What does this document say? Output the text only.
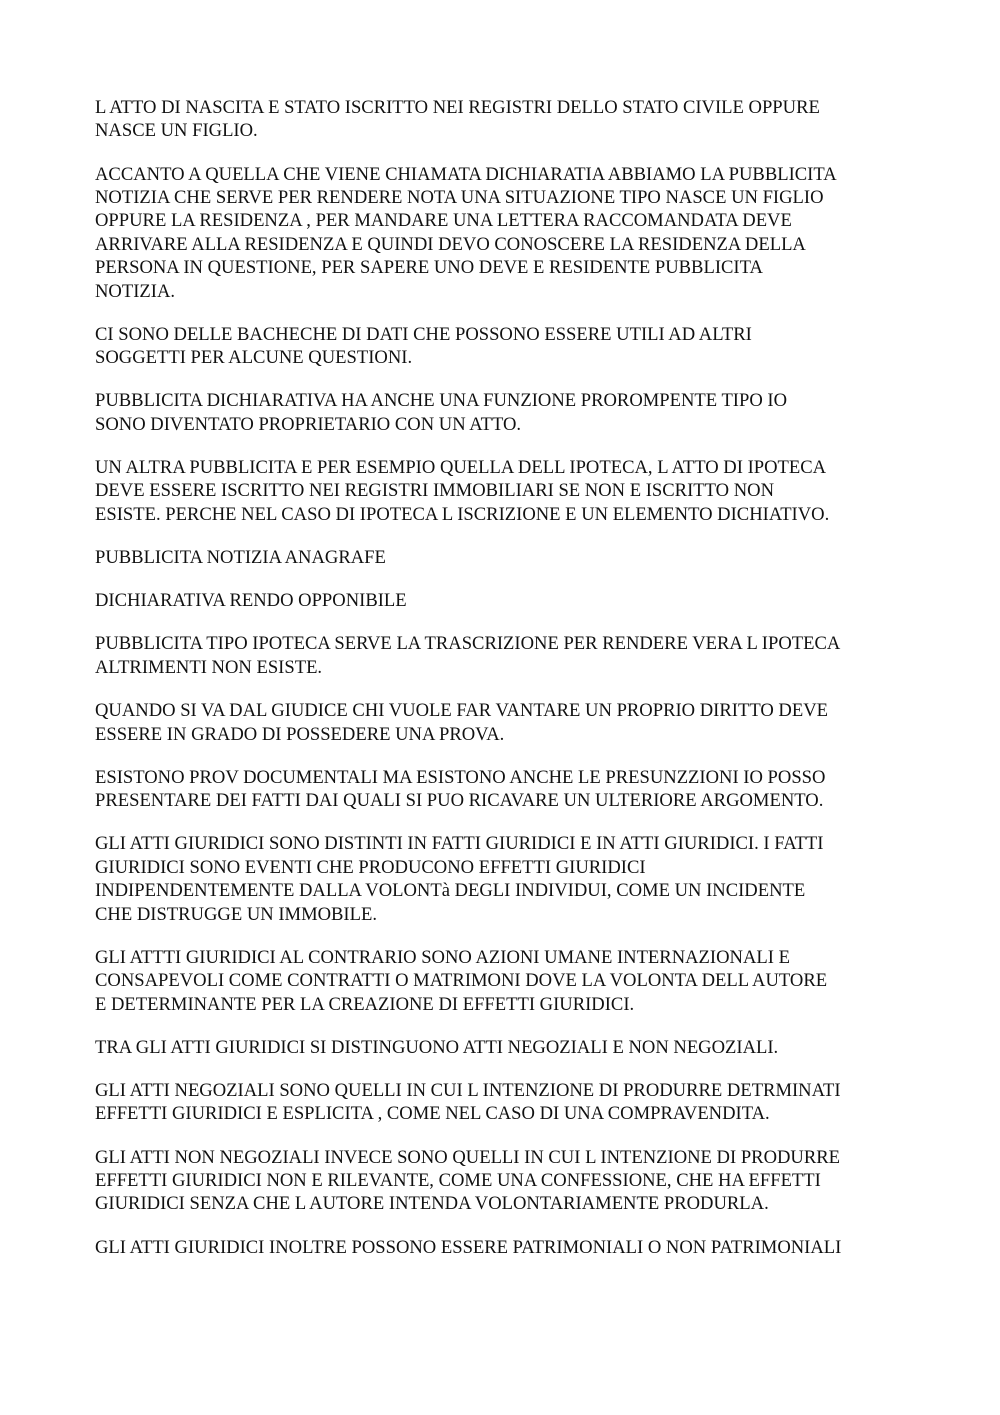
L ATTO DI NASCITA E STATO ISCRITTO NEI REGISTRI DELLO STATO CIVILE OPPURE
NASCE UN FIGLIO.

ACCANTO A QUELLA CHE VIENE CHIAMATA DICHIARATIA ABBIAMO LA PUBBLICITA
NOTIZIA CHE SERVE PER RENDERE NOTA UNA SITUAZIONE TIPO NASCE UN FIGLIO
OPPURE LA RESIDENZA , PER MANDARE UNA LETTERA RACCOMANDATA DEVE
ARRIVARE ALLA RESIDENZA E QUINDI DEVO CONOSCERE LA RESIDENZA DELLA
PERSONA IN QUESTIONE, PER SAPERE UNO DEVE E RESIDENTE PUBBLICITA
NOTIZIA.

CI SONO DELLE BACHECHE DI DATI CHE POSSONO ESSERE UTILI AD ALTRI
SOGGETTI PER ALCUNE QUESTIONI.

PUBBLICITA DICHIARATIVA HA ANCHE UNA FUNZIONE PROROMPENTE TIPO IO
SONO DIVENTATO PROPRIETARIO CON UN ATTO.

UN ALTRA PUBBLICITA E PER ESEMPIO QUELLA DELL IPOTECA, L ATTO DI IPOTECA
DEVE ESSERE ISCRITTO NEI REGISTRI IMMOBILIARI SE NON E ISCRITTO NON
ESISTE. PERCHE NEL CASO DI IPOTECA L ISCRIZIONE E UN ELEMENTO DICHIATIVO.

PUBBLICITA NOTIZIA ANAGRAFE

DICHIARATIVA RENDO OPPONIBILE

PUBBLICITA TIPO IPOTECA SERVE LA TRASCRIZIONE PER RENDERE VERA L IPOTECA
ALTRIMENTI NON ESISTE.

QUANDO SI VA DAL GIUDICE CHI VUOLE FAR VANTARE UN PROPRIO DIRITTO DEVE
ESSERE IN GRADO DI POSSEDERE UNA PROVA.

ESISTONO PROV DOCUMENTALI MA ESISTONO ANCHE LE PRESUNZZIONI IO POSSO
PRESENTARE DEI FATTI DAI QUALI SI PUO RICAVARE UN ULTERIORE ARGOMENTO.

GLI ATTI GIURIDICI SONO DISTINTI IN FATTI GIURIDICI E IN ATTI GIURIDICI. I FATTI
GIURIDICI SONO EVENTI CHE PRODUCONO EFFETTI GIURIDICI
INDIPENDENTEMENTE DALLA VOLONTà DEGLI INDIVIDUI, COME UN INCIDENTE
CHE DISTRUGGE UN IMMOBILE.

GLI ATTTI GIURIDICI AL CONTRARIO SONO AZIONI UMANE INTERNAZIONALI E
CONSAPEVOLI COME CONTRATTI O MATRIMONI DOVE LA VOLONTA DELL AUTORE
E DETERMINANTE PER LA CREAZIONE DI EFFETTI GIURIDICI.

TRA GLI ATTI GIURIDICI SI DISTINGUONO ATTI NEGOZIALI E NON NEGOZIALI.

GLI ATTI NEGOZIALI SONO QUELLI IN CUI L INTENZIONE DI PRODURRE DETRMINATI
EFFETTI GIURIDICI E ESPLICITA , COME NEL CASO DI UNA COMPRAVENDITA.

GLI ATTI NON NEGOZIALI INVECE SONO QUELLI IN CUI L INTENZIONE DI PRODURRE
EFFETTI GIURIDICI NON E RILEVANTE, COME UNA CONFESSIONE, CHE HA EFFETTI
GIURIDICI SENZA CHE L AUTORE INTENDA VOLONTARIAMENTE PRODURLA.

GLI ATTI GIURIDICI INOLTRE POSSONO ESSERE PATRIMONIALI O NON PATRIMONIALI
